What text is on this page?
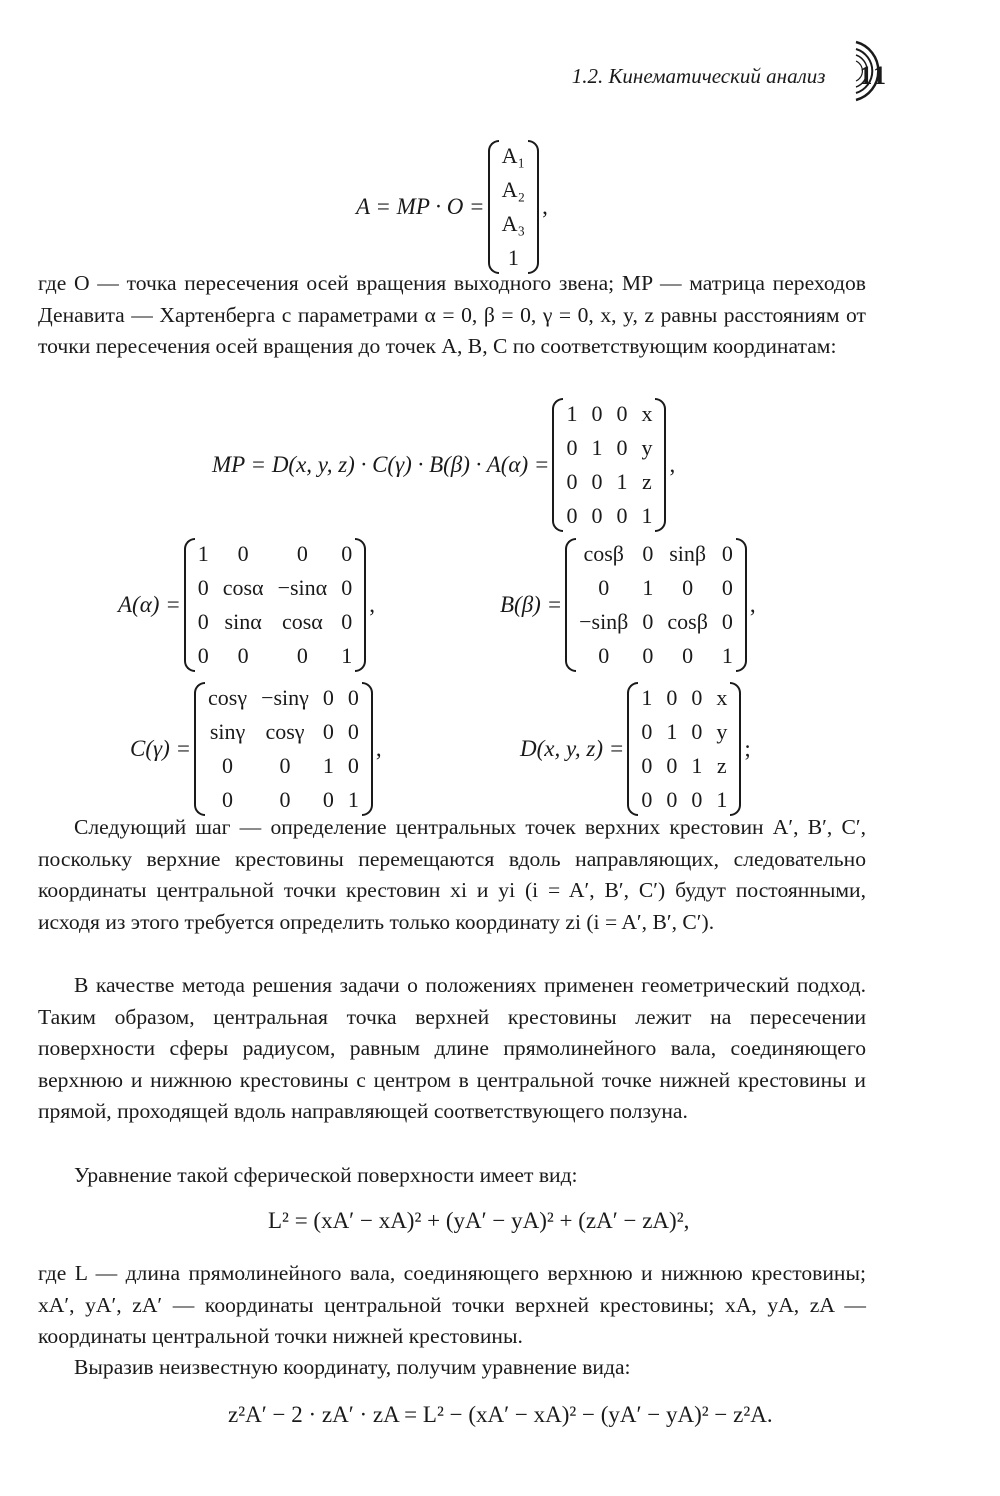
1.2. Кинематический анализ 11
A = MP · O =
A₁
A₂
A₃
1
,
где О — точка пересечения осей вращения выходного звена; MP — матрица переходов Денавита — Хартенберга с параметрами α = 0, β = 0, γ = 0, x, y, z равны расстояниям от точки пересечения осей вращения до точек A, B, C по соответствующим координатам:
MP = D(x, y, z) · C(γ) · B(β) · A(α) =
1 0 0 x
0 1 0 y
0 0 1 z
0 0 0 1
,
A(α) =
1	0	0	0
0 cosα −sinα 0
0 sinα cosα 0
0	0	0	1
,	B(β) =
cosβ 0 sinβ 0
0	1	0	0
−sinβ 0 cosβ 0
0	0	0	1
,
C(γ) =
cosγ −sinγ 0 0
sinγ cosγ 0 0
0	0	1 0
0	0	0 1
,	D(x, y, z) =
1 0 0 x
0 1 0 y
0 0 1 z
0 0 0 1
;
Следующий шаг — определение центральных точек верхних крестовин A′, B′, C′, поскольку верхние крестовины перемещаются вдоль направляющих, следовательно координаты центральной точки крестовин xi и yi (i = A′, B′, C′) будут постоянными, исходя из этого требуется определить только координату zi (i = A′, B′, C′).
В качестве метода решения задачи о положениях применен геометрический подход. Таким образом, центральная точка верхней крестовины лежит на пересечении поверхности сферы радиусом, равным длине прямолинейного вала, соединяющего верхнюю и нижнюю крестовины с центром в центральной точке нижней крестовины и прямой, проходящей вдоль направляющей соответствующего ползуна.
Уравнение такой сферической поверхности имеет вид:
L² = (xA′ − xA)² + (yA′ − yA)² + (zA′ − zA)²,
где L — длина прямолинейного вала, соединяющего верхнюю и нижнюю крестовины; xA′, yA′, zA′ — координаты центральной точки верхней крестовины; xA, yA, zA — координаты центральной точки нижней крестовины.
Выразив неизвестную координату, получим уравнение вида:
z²A′ − 2 · zA′ · zA = L² − (xA′ − xA)² − (yA′ − yA)² − z²A.
